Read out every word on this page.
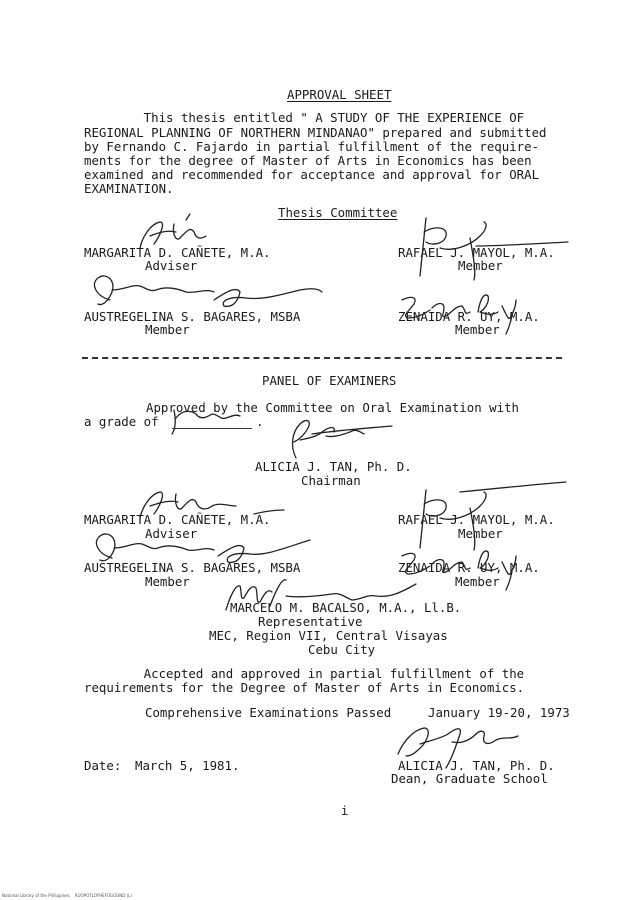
APPROVAL SHEET
This thesis entitled " A STUDY OF THE EXPERIENCE OF
REGIONAL PLANNING OF NORTHERN MINDANAO" prepared and submitted
by Fernando C. Fajardo in partial fulfillment of the require-
ments for the degree of Master of Arts in Economics has been
examined and recommended for acceptance and approval for ORAL
EXAMINATION.
Thesis Committee
MARGARITA D. CAÑETE, M.A.
Adviser
RAFAEL J. MAYOL, M.A.
Member
AUSTREGELINA S. BAGARES, MSBA
Member
ZENAIDA R. UY, M.A.
Member
PANEL OF EXAMINERS
Approved by the Committee on Oral Examination with
a grade of	.
ALICIA J. TAN, Ph. D.
Chairman
MARGARITA D. CAÑETE, M.A.
Adviser
RAFAEL J. MAYOL, M.A.
Member
AUSTREGELINA S. BAGARES, MSBA
Member
ZENAIDA R. UY, M.A.
Member
MARCELO M. BACALSO, M.A., Ll.B.
Representative
MEC, Region VII, Central Visayas
Cebu City
Accepted and approved in partial fulfillment of the
requirements for the Degree of Master of Arts in Economics.
Comprehensive Examinations Passed	January 19-20, 1973
Date: March 5, 1981.	ALICIA J. TAN, Ph. D.
Dean, Graduate School
i
National Library of the Philippines    RUOPOTLOYHEFOGOUND (L)
